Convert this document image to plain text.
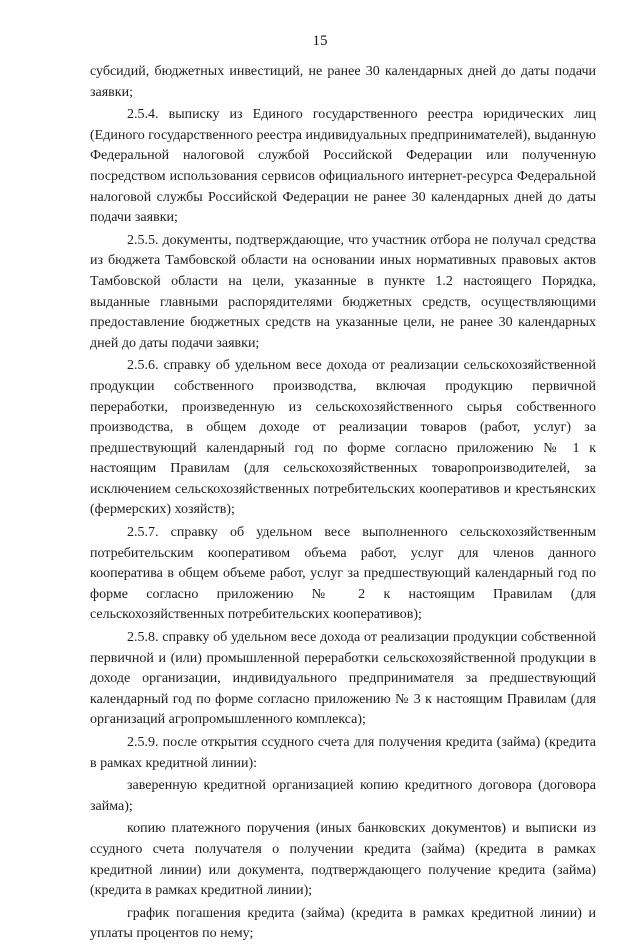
15

субсидий, бюджетных инвестиций, не ранее 30 календарных дней до даты подачи заявки;

2.5.4. выписку из Единого государственного реестра юридических лиц (Единого государственного реестра индивидуальных предпринимателей), выданную Федеральной налоговой службой Российской Федерации или полученную посредством использования сервисов официального интернет-ресурса Федеральной налоговой службы Российской Федерации не ранее 30 календарных дней до даты подачи заявки;

2.5.5. документы, подтверждающие, что участник отбора не получал средства из бюджета Тамбовской области на основании иных нормативных правовых актов Тамбовской области на цели, указанные в пункте 1.2 настоящего Порядка, выданные главными распорядителями бюджетных средств, осуществляющими предоставление бюджетных средств на указанные цели, не ранее 30 календарных дней до даты подачи заявки;

2.5.6. справку об удельном весе дохода от реализации сельскохозяйственной продукции собственного производства, включая продукцию первичной переработки, произведенную из сельскохозяйственного сырья собственного производства, в общем доходе от реализации товаров (работ, услуг) за предшествующий календарный год по форме согласно приложению № 1 к настоящим Правилам (для сельскохозяйственных товаропроизводителей, за исключением сельскохозяйственных потребительских кооперативов и крестьянских (фермерских) хозяйств);

2.5.7. справку об удельном весе выполненного сельскохозяйственным потребительским кооперативом объема работ, услуг для членов данного кооператива в общем объеме работ, услуг за предшествующий календарный год по форме согласно приложению № 2 к настоящим Правилам (для сельскохозяйственных потребительских кооперативов);

2.5.8. справку об удельном весе дохода от реализации продукции собственной первичной и (или) промышленной переработки сельскохозяйственной продукции в доходе организации, индивидуального предпринимателя за предшествующий календарный год по форме согласно приложению № 3 к настоящим Правилам (для организаций агропромышленного комплекса);

2.5.9. после открытия ссудного счета для получения кредита (займа) (кредита в рамках кредитной линии):

заверенную кредитной организацией копию кредитного договора (договора займа);

копию платежного поручения (иных банковских документов) и выписки из ссудного счета получателя о получении кредита (займа) (кредита в рамках кредитной линии) или документа, подтверждающего получение кредита (займа) (кредита в рамках кредитной линии);

график погашения кредита (займа) (кредита в рамках кредитной линии) и уплаты процентов по нему;
